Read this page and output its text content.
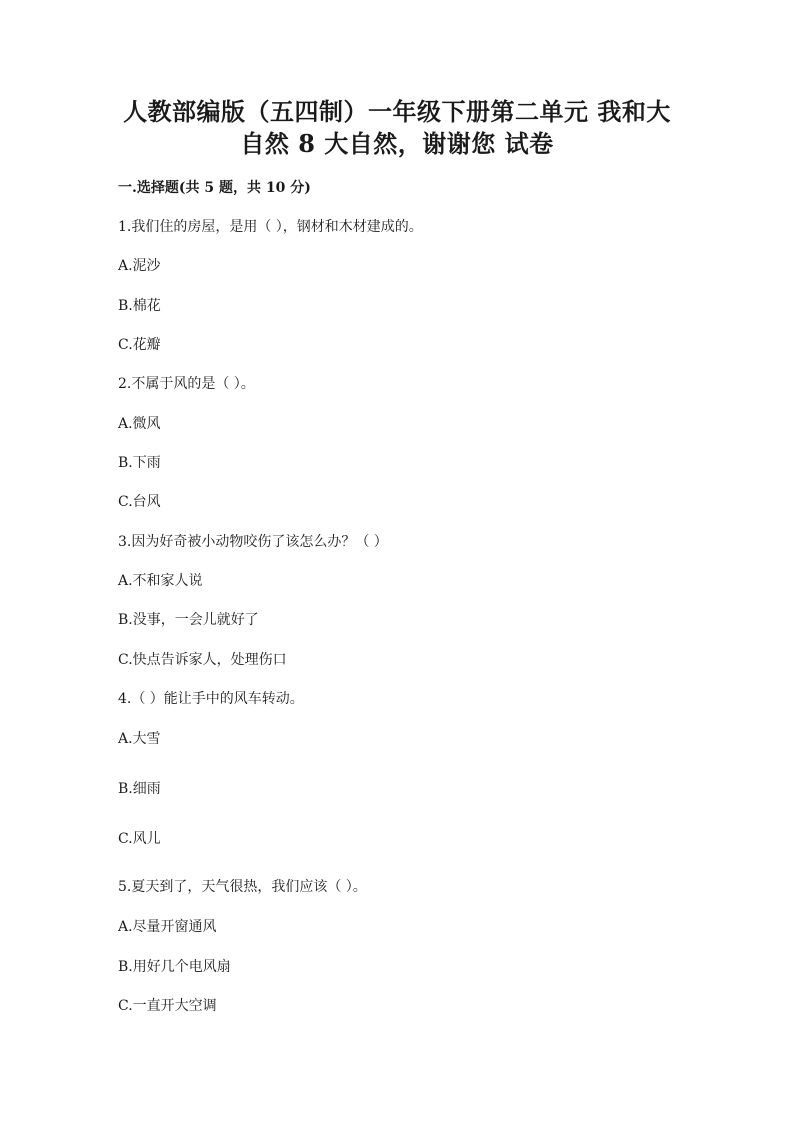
人教部编版（五四制）一年级下册第二单元 我和大
自然 8 大自然，谢谢您 试卷
一.选择题(共 5 题，共 10 分)
1.我们住的房屋，是用（ ），钢材和木材建成的。
A.泥沙
B.棉花
C.花瓣
2.不属于风的是（ ）。
A.微风
B.下雨
C.台风
3.因为好奇被小动物咬伤了该怎么办？（ ）
A.不和家人说
B.没事，一会儿就好了
C.快点告诉家人，处理伤口
4.（ ）能让手中的风车转动。
A.大雪
B.细雨
C.风儿
5.夏天到了，天气很热，我们应该（ ）。
A.尽量开窗通风
B.用好几个电风扇
C.一直开大空调
